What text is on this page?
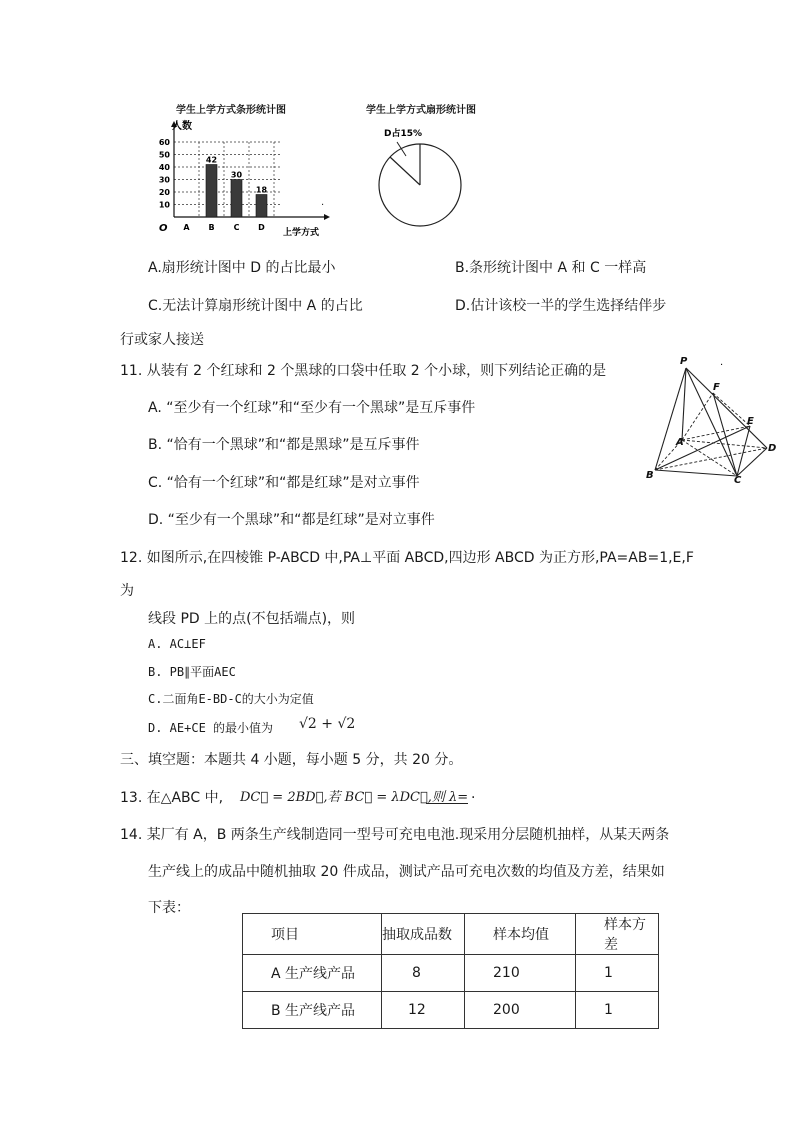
学生上学方式条形统计图
10
20
30
40
50
60
A B C D
42
30
18
人数
上学方式
O
学生上学方式扇形统计图
D占15%
·
A.扇形统计图中 D 的占比最小	B.条形统计图中 A 和 C 一样高
C.无法计算扇形统计图中 A 的占比	D.估计该校一半的学生选择结伴步
行或家人接送
11. 从装有 2 个红球和 2 个黑球的口袋中任取 2 个小球，则下列结论正确的是
A. “至少有一个红球”和“至少有一个黑球”是互斥事件
B. “恰有一个黑球”和“都是黑球”是互斥事件
C. “恰有一个红球”和“都是红球”是对立事件
D. “至少有一个黑球”和“都是红球”是对立事件
P
F
A
E
D
B	C
·
12. 如图所示,在四棱锥 P-ABCD 中,PA⊥平面 ABCD,四边形 ABCD 为正方形,PA=AB=1,E,F
为
线段 PD 上的点(不包括端点)，则
A. AC⊥EF
B. PB∥平面AEC
C.二面角E-BD-C的大小为定值
D. AE+CE 的最小值为 √2 + √2
三、填空题：本题共 4 小题，每小题 5 分，共 20 分。
13. 在△ABC 中, DC⃗ = 2BD⃗,若 BC⃗ = λDC⃗,则 λ= .
14. 某厂有 A，B 两条生产线制造同一型号可充电电池.现采用分层随机抽样，从某天两条
生产线上的成品中随机抽取 20 件成品，测试产品可充电次数的均值及方差，结果如
下表：
项目	抽取成品数	样本均值	样本方差
A 生产线产品	8	210	1
B 生产线产品	12	200	1
